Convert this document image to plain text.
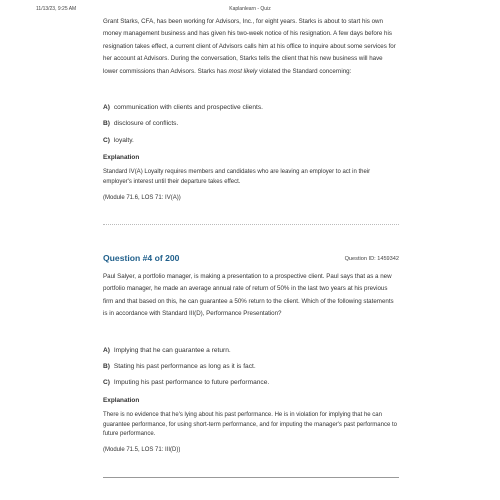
11/13/23, 9:25 AM	Kaplanlearn - Quiz

Grant Starks, CFA, has been working for Advisors, Inc., for eight years. Starks is about to start his own money management business and has given his two-week notice of his resignation. A few days before his resignation takes effect, a current client of Advisors calls him at his office to inquire about some services for her account at Advisors. During the conversation, Starks tells the client that his new business will have lower commissions than Advisors. Starks has most likely violated the Standard concerning:

A) communication with clients and prospective clients.
B) disclosure of conflicts.
C) loyalty.
Explanation

Standard IV(A) Loyalty requires members and candidates who are leaving an employer to act in their employer's interest until their departure takes effect.

(Module 71.6, LOS 71: IV(A))

Question #4 of 200	Question ID: 1459342

Paul Salyer, a portfolio manager, is making a presentation to a prospective client. Paul says that as a new portfolio manager, he made an average annual rate of return of 50% in the last two years at his previous firm and that based on this, he can guarantee a 50% return to the client. Which of the following statements is in accordance with Standard III(D), Performance Presentation?

A) Implying that he can guarantee a return.
B) Stating his past performance as long as it is fact.
C) Imputing his past performance to future performance.
Explanation

There is no evidence that he's lying about his past performance. He is in violation for implying that he can guarantee performance, for using short-term performance, and for imputing the manager's past performance to future performance.

(Module 71.5, LOS 71: III(D))
